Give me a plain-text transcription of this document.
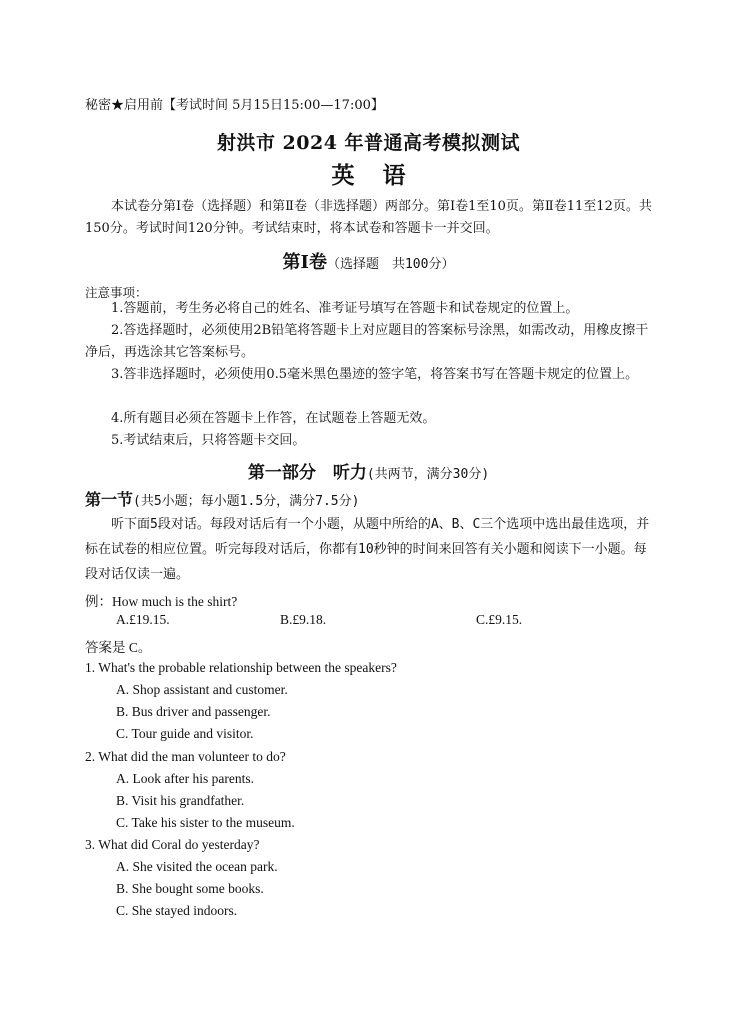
秘密★启用前【考试时间 5月15日15:00—17:00】
射洪市 2024 年普通高考模拟测试
英语
本试卷分第Ⅰ卷（选择题）和第Ⅱ卷（非选择题）两部分。第Ⅰ卷1至10页。第Ⅱ卷11至12页。共150分。考试时间120分钟。考试结束时，将本试卷和答题卡一并交回。
第Ⅰ卷（选择题　共100分）
注意事项：
1.答题前，考生务必将自己的姓名、准考证号填写在答题卡和试卷规定的位置上。
2.答选择题时，必须使用2B铅笔将答题卡上对应题目的答案标号涂黑，如需改动，用橡皮擦干净后，再选涂其它答案标号。
3.答非选择题时，必须使用0.5毫米黑色墨迹的签字笔，将答案书写在答题卡规定的位置上。
4.所有题目必须在答题卡上作答，在试题卷上答题无效。
5.考试结束后，只将答题卡交回。
第一部分　听力(共两节，满分30分)
第一节(共5小题；每小题1.5分，满分7.5分)
听下面5段对话。每段对话后有一个小题，从题中所给的A、B、C三个选项中选出最佳选项，并标在试卷的相应位置。听完每段对话后，你都有10秒钟的时间来回答有关小题和阅读下一小题。每段对话仅读一遍。
例：How much is the shirt?
A.£19.15.	B.£9.18.	C.£9.15.
答案是 C。
1. What's the probable relationship between the speakers?
A. Shop assistant and customer.
B. Bus driver and passenger.
C. Tour guide and visitor.
2. What did the man volunteer to do?
A. Look after his parents.
B. Visit his grandfather.
C. Take his sister to the museum.
3. What did Coral do yesterday?
A. She visited the ocean park.
B. She bought some books.
C. She stayed indoors.
